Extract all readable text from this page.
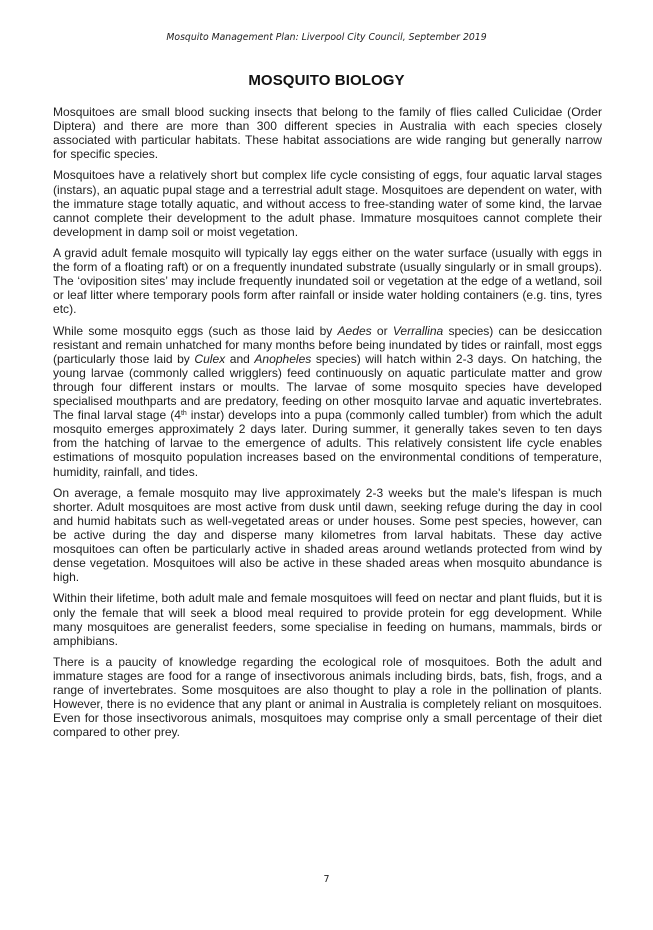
Mosquito Management Plan: Liverpool City Council, September 2019
MOSQUITO BIOLOGY

Mosquitoes are small blood sucking insects that belong to the family of flies called Culicidae (Order Diptera) and there are more than 300 different species in Australia with each species closely associated with particular habitats. These habitat associations are wide ranging but generally narrow for specific species.

Mosquitoes have a relatively short but complex life cycle consisting of eggs, four aquatic larval stages (instars), an aquatic pupal stage and a terrestrial adult stage. Mosquitoes are dependent on water, with the immature stage totally aquatic, and without access to free-standing water of some kind, the larvae cannot complete their development to the adult phase. Immature mosquitoes cannot complete their development in damp soil or moist vegetation.

A gravid adult female mosquito will typically lay eggs either on the water surface (usually with eggs in the form of a floating raft) or on a frequently inundated substrate (usually singularly or in small groups). The ‘oviposition sites’ may include frequently inundated soil or vegetation at the edge of a wetland, soil or leaf litter where temporary pools form after rainfall or inside water holding containers (e.g. tins, tyres etc).

While some mosquito eggs (such as those laid by Aedes or Verrallina species) can be desiccation resistant and remain unhatched for many months before being inundated by tides or rainfall, most eggs (particularly those laid by Culex and Anopheles species) will hatch within 2-3 days. On hatching, the young larvae (commonly called wrigglers) feed continuously on aquatic particulate matter and grow through four different instars or moults. The larvae of some mosquito species have developed specialised mouthparts and are predatory, feeding on other mosquito larvae and aquatic invertebrates. The final larval stage (4th instar) develops into a pupa (commonly called tumbler) from which the adult mosquito emerges approximately 2 days later. During summer, it generally takes seven to ten days from the hatching of larvae to the emergence of adults. This relatively consistent life cycle enables estimations of mosquito population increases based on the environmental conditions of temperature, humidity, rainfall, and tides.

On average, a female mosquito may live approximately 2-3 weeks but the male's lifespan is much shorter. Adult mosquitoes are most active from dusk until dawn, seeking refuge during the day in cool and humid habitats such as well-vegetated areas or under houses. Some pest species, however, can be active during the day and disperse many kilometres from larval habitats. These day active mosquitoes can often be particularly active in shaded areas around wetlands protected from wind by dense vegetation. Mosquitoes will also be active in these shaded areas when mosquito abundance is high.

Within their lifetime, both adult male and female mosquitoes will feed on nectar and plant fluids, but it is only the female that will seek a blood meal required to provide protein for egg development. While many mosquitoes are generalist feeders, some specialise in feeding on humans, mammals, birds or amphibians.

There is a paucity of knowledge regarding the ecological role of mosquitoes. Both the adult and immature stages are food for a range of insectivorous animals including birds, bats, fish, frogs, and a range of invertebrates. Some mosquitoes are also thought to play a role in the pollination of plants. However, there is no evidence that any plant or animal in Australia is completely reliant on mosquitoes. Even for those insectivorous animals, mosquitoes may comprise only a small percentage of their diet compared to other prey.

7
